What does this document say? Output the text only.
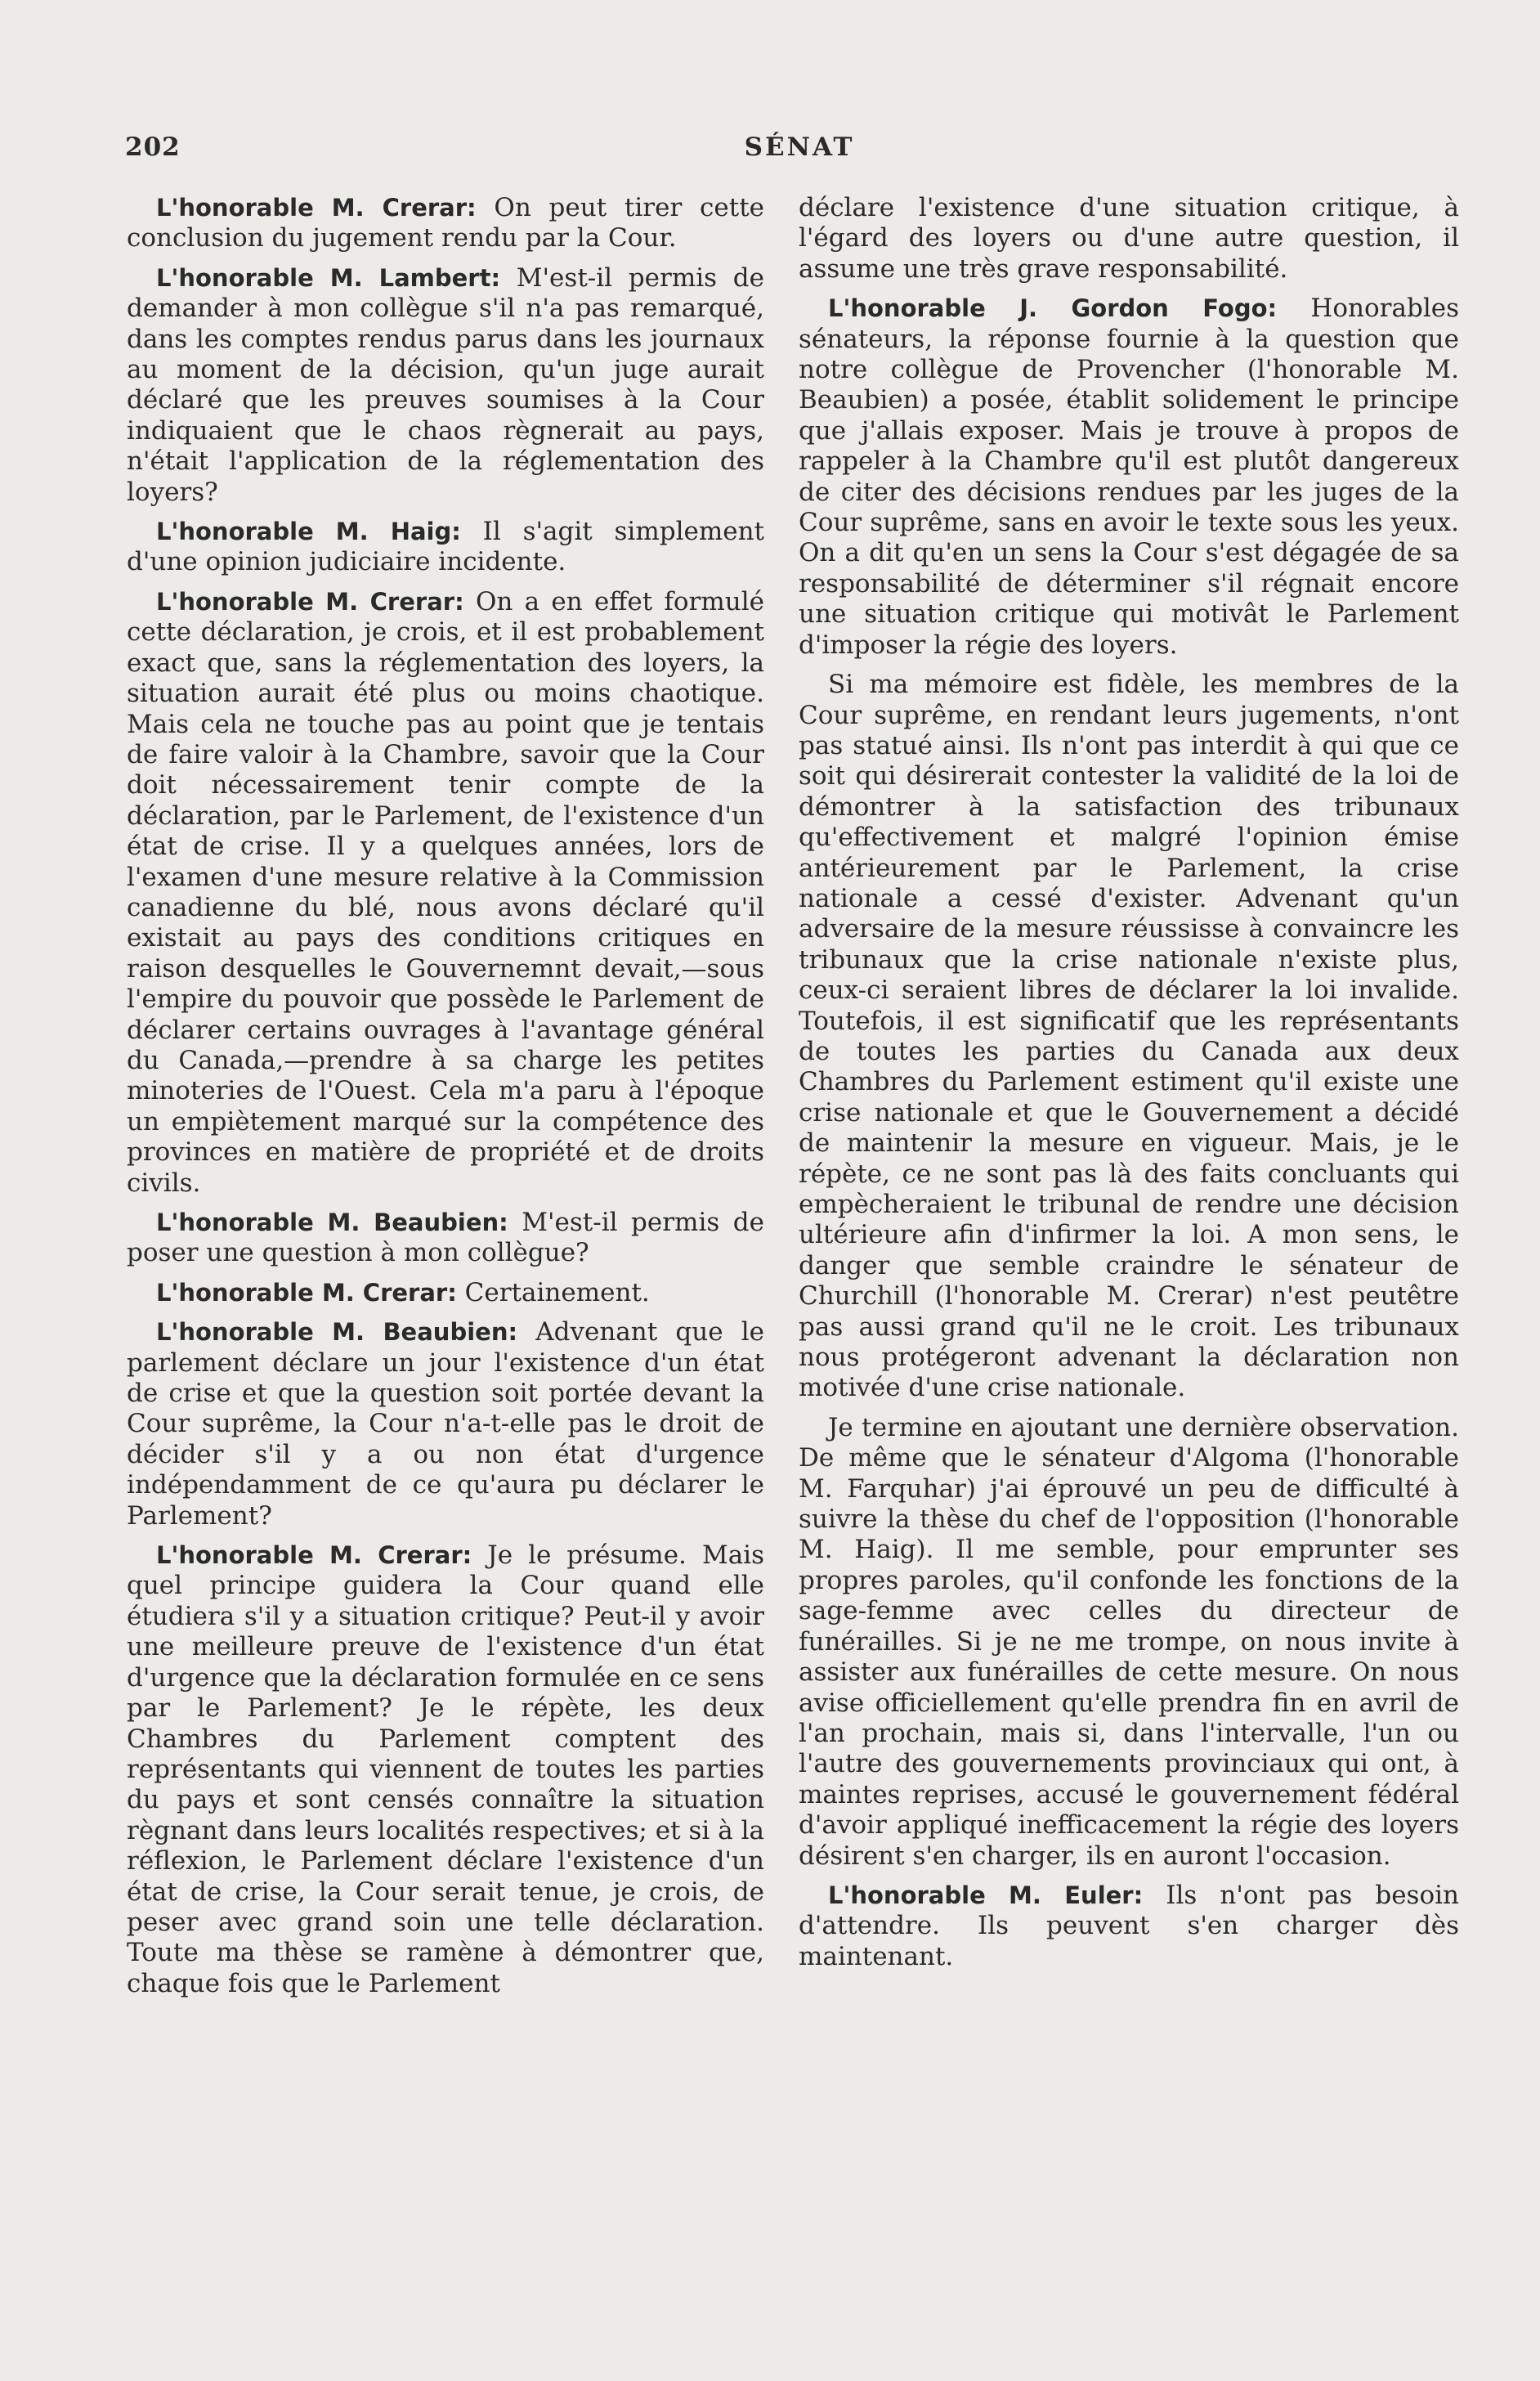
202	SÉNAT

L'honorable M. Crerar: On peut tirer cette conclusion du jugement rendu par la Cour.

L'honorable M. Lambert: M'est-il permis de demander à mon collègue s'il n'a pas remarqué, dans les comptes rendus parus dans les journaux au moment de la décision, qu'un juge aurait déclaré que les preuves soumises à la Cour indiquaient que le chaos règnerait au pays, n'était l'application de la réglementation des loyers?

L'honorable M. Haig: Il s'agit simplement d'une opinion judiciaire incidente.

L'honorable M. Crerar: On a en effet formulé cette déclaration, je crois, et il est probablement exact que, sans la réglementation des loyers, la situation aurait été plus ou moins chaotique. Mais cela ne touche pas au point que je tentais de faire valoir à la Chambre, savoir que la Cour doit nécessairement tenir compte de la déclaration, par le Parlement, de l'existence d'un état de crise. Il y a quelques années, lors de l'examen d'une mesure relative à la Commission canadienne du blé, nous avons déclaré qu'il existait au pays des conditions critiques en raison desquelles le Gouvernemnt devait,—sous l'empire du pouvoir que possède le Parlement de déclarer certains ouvrages à l'avantage général du Canada,—prendre à sa charge les petites minoteries de l'Ouest. Cela m'a paru à l'époque un empiètement marqué sur la compétence des provinces en matière de propriété et de droits civils.

L'honorable M. Beaubien: M'est-il permis de poser une question à mon collègue?

L'honorable M. Crerar: Certainement.

L'honorable M. Beaubien: Advenant que le parlement déclare un jour l'existence d'un état de crise et que la question soit portée devant la Cour suprême, la Cour n'a-t-elle pas le droit de décider s'il y a ou non état d'urgence indépendamment de ce qu'aura pu déclarer le Parlement?

L'honorable M. Crerar: Je le présume. Mais quel principe guidera la Cour quand elle étudiera s'il y a situation critique? Peut-il y avoir une meilleure preuve de l'existence d'un état d'urgence que la déclaration formulée en ce sens par le Parlement? Je le répète, les deux Chambres du Parlement comptent des représentants qui viennent de toutes les parties du pays et sont censés connaître la situation règnant dans leurs localités respectives; et si à la réflexion, le Parlement déclare l'existence d'un état de crise, la Cour serait tenue, je crois, de peser avec grand soin une telle déclaration. Toute ma thèse se ramène à démontrer que, chaque fois que le Parlement

déclare l'existence d'une situation critique, à l'égard des loyers ou d'une autre question, il assume une très grave responsabilité.

L'honorable J. Gordon Fogo: Honorables sénateurs, la réponse fournie à la question que notre collègue de Provencher (l'honorable M. Beaubien) a posée, établit solidement le principe que j'allais exposer. Mais je trouve à propos de rappeler à la Chambre qu'il est plutôt dangereux de citer des décisions rendues par les juges de la Cour suprême, sans en avoir le texte sous les yeux. On a dit qu'en un sens la Cour s'est dégagée de sa responsabilité de déterminer s'il régnait encore une situation critique qui motivât le Parlement d'imposer la régie des loyers.

Si ma mémoire est fidèle, les membres de la Cour suprême, en rendant leurs jugements, n'ont pas statué ainsi. Ils n'ont pas interdit à qui que ce soit qui désirerait contester la validité de la loi de démontrer à la satisfaction des tribunaux qu'effectivement et malgré l'opinion émise antérieurement par le Parlement, la crise nationale a cessé d'exister. Advenant qu'un adversaire de la mesure réussisse à convaincre les tribunaux que la crise nationale n'existe plus, ceux-ci seraient libres de déclarer la loi invalide. Toutefois, il est significatif que les représentants de toutes les parties du Canada aux deux Chambres du Parlement estiment qu'il existe une crise nationale et que le Gouvernement a décidé de maintenir la mesure en vigueur. Mais, je le répète, ce ne sont pas là des faits concluants qui empècheraient le tribunal de rendre une décision ultérieure afin d'infirmer la loi. A mon sens, le danger que semble craindre le sénateur de Churchill (l'honorable M. Crerar) n'est peutêtre pas aussi grand qu'il ne le croit. Les tribunaux nous protégeront advenant la déclaration non motivée d'une crise nationale.

Je termine en ajoutant une dernière observation. De même que le sénateur d'Algoma (l'honorable M. Farquhar) j'ai éprouvé un peu de difficulté à suivre la thèse du chef de l'opposition (l'honorable M. Haig). Il me semble, pour emprunter ses propres paroles, qu'il confonde les fonctions de la sage-femme avec celles du directeur de funérailles. Si je ne me trompe, on nous invite à assister aux funérailles de cette mesure. On nous avise officiellement qu'elle prendra fin en avril de l'an prochain, mais si, dans l'intervalle, l'un ou l'autre des gouvernements provinciaux qui ont, à maintes reprises, accusé le gouvernement fédéral d'avoir appliqué inefficacement la régie des loyers désirent s'en charger, ils en auront l'occasion.

L'honorable M. Euler: Ils n'ont pas besoin d'attendre. Ils peuvent s'en charger dès maintenant.
